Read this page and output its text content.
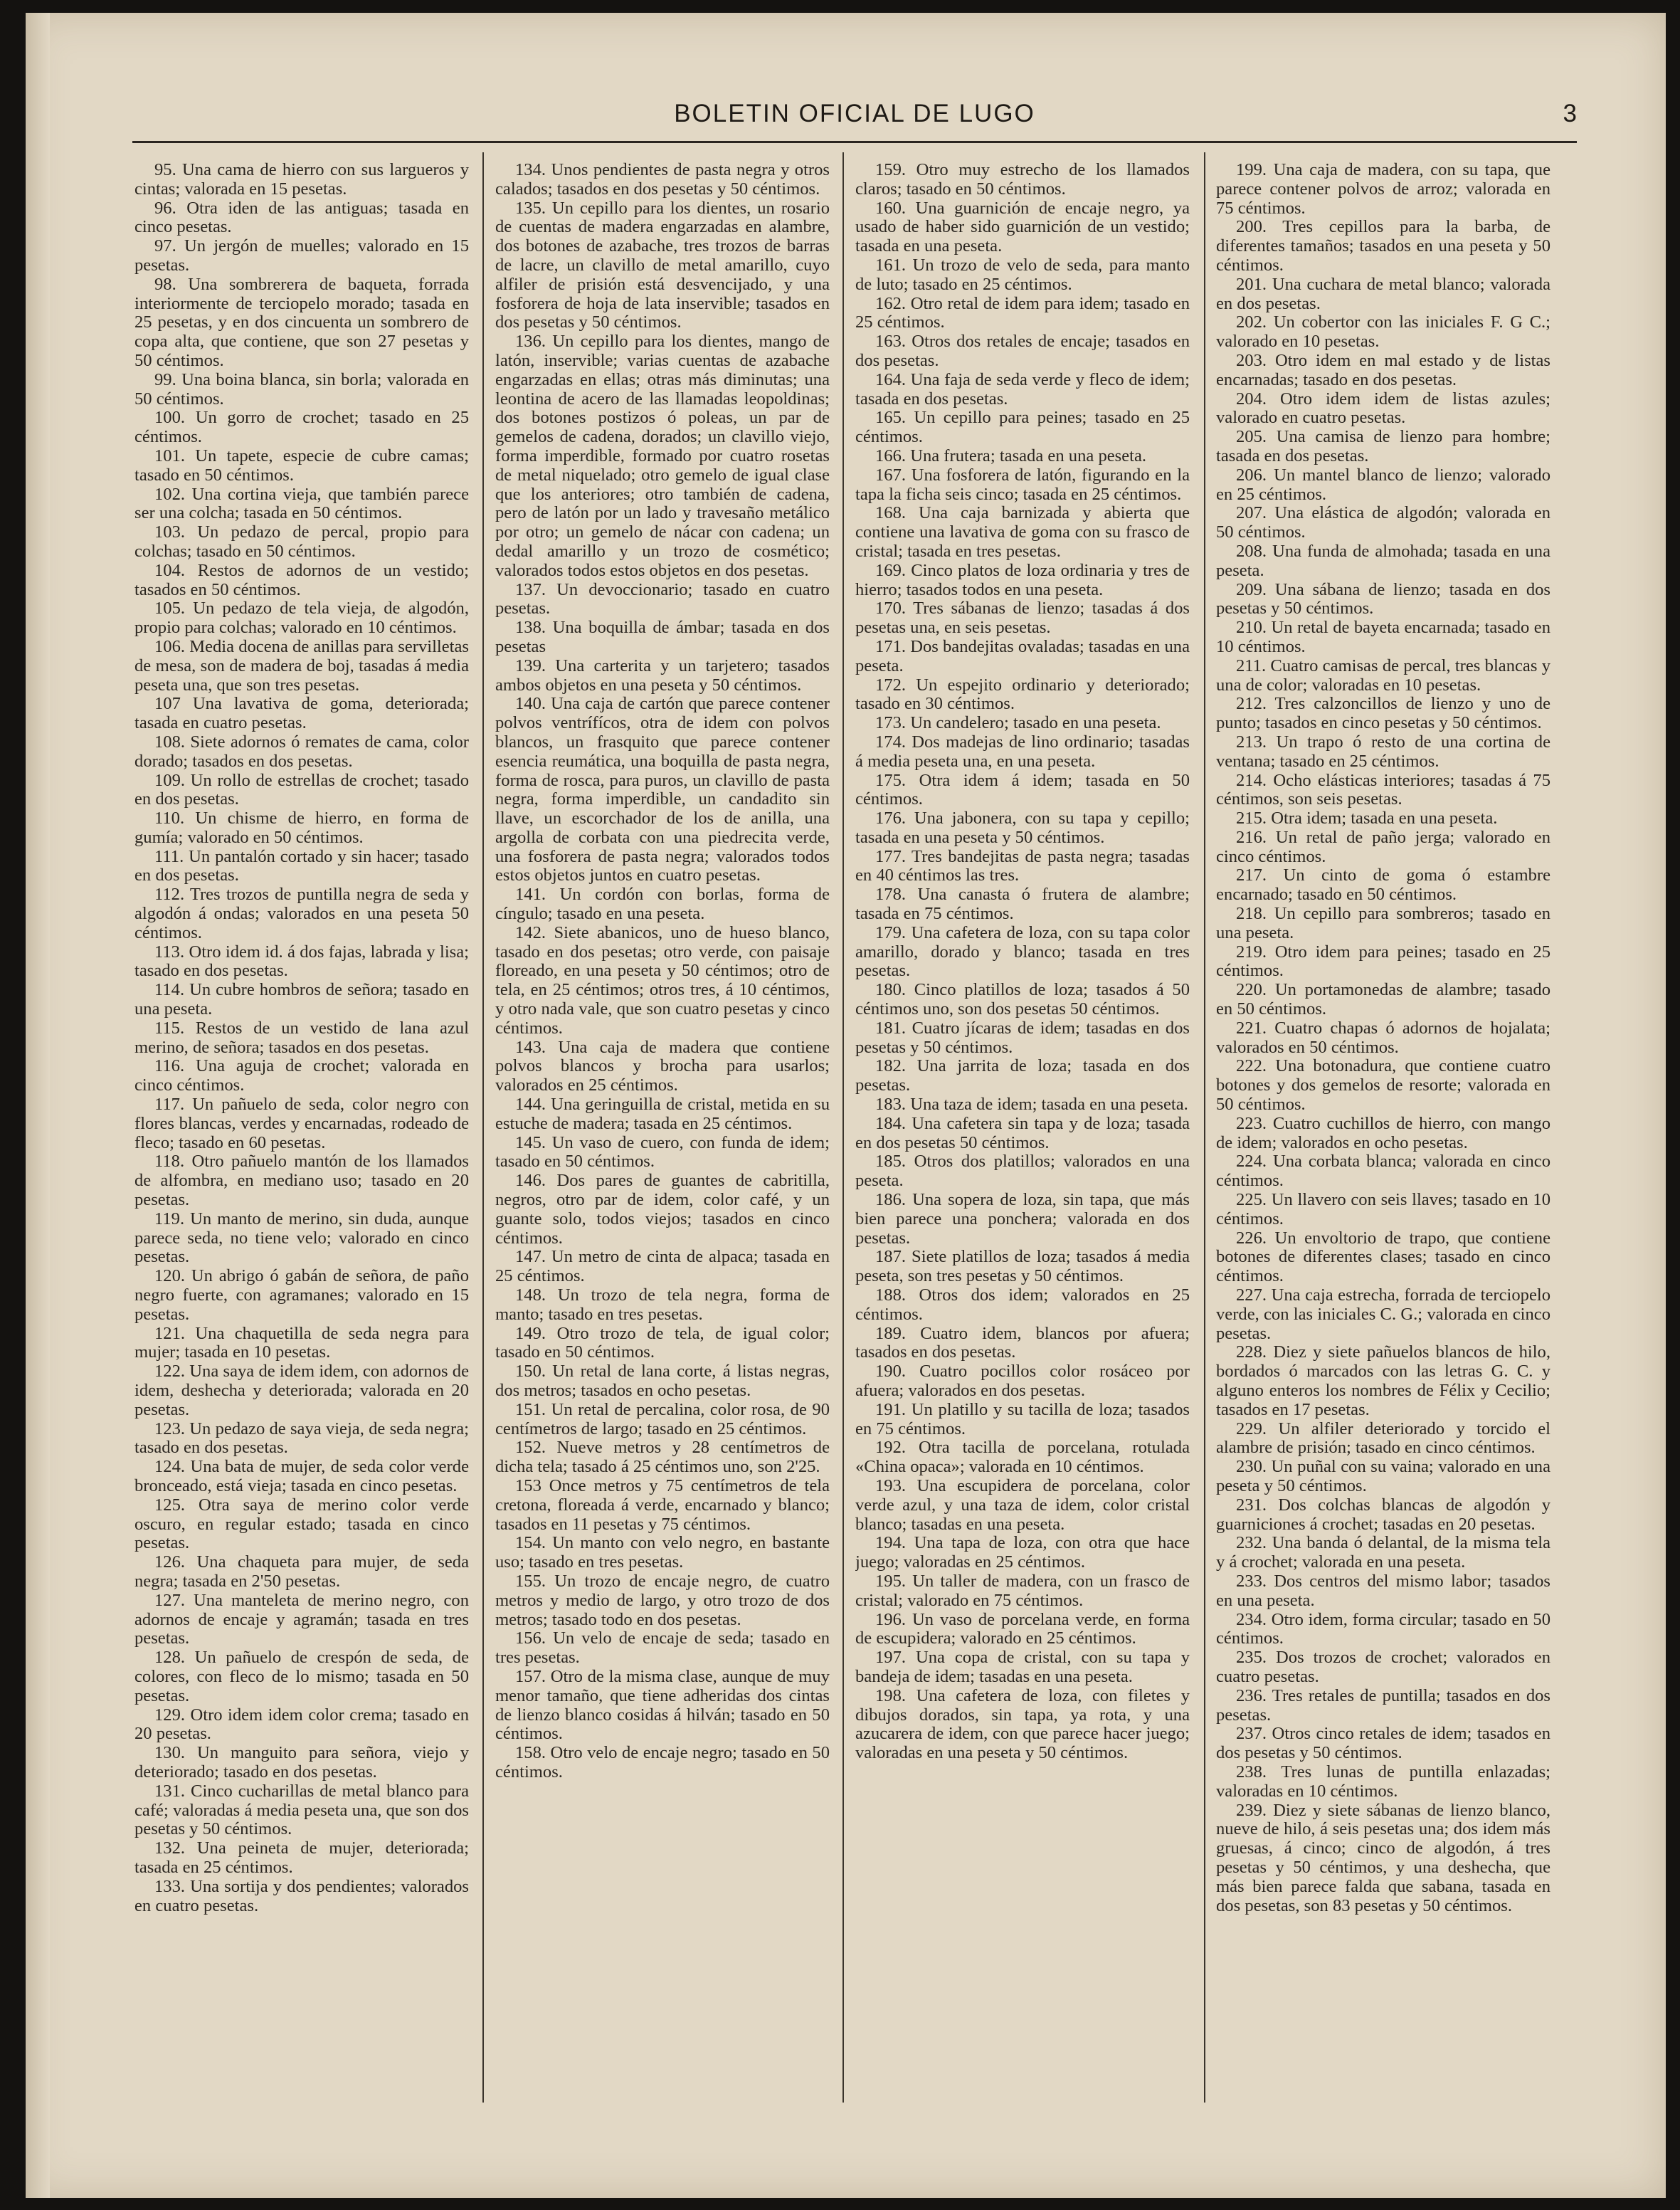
BOLETIN OFICIAL DE LUGO	3

95. Una cama de hierro con sus largueros y cintas; valorada en 15 pesetas.

96. Otra iden de las antiguas; tasada en cinco pesetas.

97. Un jergón de muelles; valorado en 15 pesetas.

98. Una sombrerera de baqueta, forrada interiormente de terciopelo morado; tasada en 25 pesetas, y en dos cincuenta un sombrero de copa alta, que contiene, que son 27 pesetas y 50 céntimos.

99. Una boina blanca, sin borla; valorada en 50 céntimos.

100. Un gorro de crochet; tasado en 25 céntimos.

101. Un tapete, especie de cubre camas; tasado en 50 céntimos.

102. Una cortina vieja, que también parece ser una colcha; tasada en 50 céntimos.

103. Un pedazo de percal, propio para colchas; tasado en 50 céntimos.

104. Restos de adornos de un vestido; tasados en 50 céntimos.

105. Un pedazo de tela vieja, de algodón, propio para colchas; valorado en 10 céntimos.

106. Media docena de anillas para servilletas de mesa, son de madera de boj, tasadas á media peseta una, que son tres pesetas.

107 Una lavativa de goma, deteriorada; tasada en cuatro pesetas.

108. Siete adornos ó remates de cama, color dorado; tasados en dos pesetas.

109. Un rollo de estrellas de crochet; tasado en dos pesetas.

110. Un chisme de hierro, en forma de gumía; valorado en 50 céntimos.

111. Un pantalón cortado y sin hacer; tasado en dos pesetas.

112. Tres trozos de puntilla negra de seda y algodón á ondas; valorados en una peseta 50 céntimos.

113. Otro idem id. á dos fajas, labrada y lisa; tasado en dos pesetas.

114. Un cubre hombros de señora; tasado en una peseta.

115. Restos de un vestido de lana azul merino, de señora; tasados en dos pesetas.

116. Una aguja de crochet; valorada en cinco céntimos.

117. Un pañuelo de seda, color negro con flores blancas, verdes y encarnadas, rodeado de fleco; tasado en 60 pesetas.

118. Otro pañuelo mantón de los llamados de alfombra, en mediano uso; tasado en 20 pesetas.

119. Un manto de merino, sin duda, aunque parece seda, no tiene velo; valorado en cinco pesetas.

120. Un abrigo ó gabán de señora, de paño negro fuerte, con agramanes; valorado en 15 pesetas.

121. Una chaquetilla de seda negra para mujer; tasada en 10 pesetas.

122. Una saya de idem idem, con adornos de idem, deshecha y deteriorada; valorada en 20 pesetas.

123. Un pedazo de saya vieja, de seda negra; tasado en dos pesetas.

124. Una bata de mujer, de seda color verde bronceado, está vieja; tasada en cinco pesetas.

125. Otra saya de merino color verde oscuro, en regular estado; tasada en cinco pesetas.

126. Una chaqueta para mujer, de seda negra; tasada en 2'50 pesetas.

127. Una manteleta de merino negro, con adornos de encaje y agramán; tasada en tres pesetas.

128. Un pañuelo de crespón de seda, de colores, con fleco de lo mismo; tasada en 50 pesetas.

129. Otro idem idem color crema; tasado en 20 pesetas.

130. Un manguito para señora, viejo y deteriorado; tasado en dos pesetas.

131. Cinco cucharillas de metal blanco para café; valoradas á media peseta una, que son dos pesetas y 50 céntimos.

132. Una peineta de mujer, deteriorada; tasada en 25 céntimos.

133. Una sortija y dos pendientes; valorados en cuatro pesetas.

134. Unos pendientes de pasta negra y otros calados; tasados en dos pesetas y 50 céntimos.

135. Un cepillo para los dientes, un rosario de cuentas de madera engarzadas en alambre, dos botones de azabache, tres trozos de barras de lacre, un clavillo de metal amarillo, cuyo alfiler de prisión está desvencijado, y una fosforera de hoja de lata inservible; tasados en dos pesetas y 50 céntimos.

136. Un cepillo para los dientes, mango de latón, inservible; varias cuentas de azabache engarzadas en ellas; otras más diminutas; una leontina de acero de las llamadas leopoldinas; dos botones postizos ó poleas, un par de gemelos de cadena, dorados; un clavillo viejo, forma imperdible, formado por cuatro rosetas de metal niquelado; otro gemelo de igual clase que los anteriores; otro también de cadena, pero de latón por un lado y travesaño metálico por otro; un gemelo de nácar con cadena; un dedal amarillo y un trozo de cosmético; valorados todos estos objetos en dos pesetas.

137. Un devoccionario; tasado en cuatro pesetas.

138. Una boquilla de ámbar; tasada en dos pesetas

139. Una carterita y un tarjetero; tasados ambos objetos en una peseta y 50 céntimos.

140. Una caja de cartón que parece contener polvos ventrífícos, otra de idem con polvos blancos, un frasquito que parece contener esencia reumática, una boquilla de pasta negra, forma de rosca, para puros, un clavillo de pasta negra, forma imperdible, un candadito sin llave, un escorchador de los de anilla, una argolla de corbata con una piedrecita verde, una fosforera de pasta negra; valorados todos estos objetos juntos en cuatro pesetas.

141. Un cordón con borlas, forma de cíngulo; tasado en una peseta.

142. Siete abanicos, uno de hueso blanco, tasado en dos pesetas; otro verde, con paisaje floreado, en una peseta y 50 céntimos; otro de tela, en 25 céntimos; otros tres, á 10 céntimos, y otro nada vale, que son cuatro pesetas y cinco céntimos.

143. Una caja de madera que contiene polvos blancos y brocha para usarlos; valorados en 25 céntimos.

144. Una geringuilla de cristal, metida en su estuche de madera; tasada en 25 céntimos.

145. Un vaso de cuero, con funda de idem; tasado en 50 céntimos.

146. Dos pares de guantes de cabritilla, negros, otro par de idem, color café, y un guante solo, todos viejos; tasados en cinco céntimos.

147. Un metro de cinta de alpaca; tasada en 25 céntimos.

148. Un trozo de tela negra, forma de manto; tasado en tres pesetas.

149. Otro trozo de tela, de igual color; tasado en 50 céntimos.

150. Un retal de lana corte, á listas negras, dos metros; tasados en ocho pesetas.

151. Un retal de percalina, color rosa, de 90 centímetros de largo; tasado en 25 céntimos.

152. Nueve metros y 28 centímetros de dicha tela; tasado á 25 céntimos uno, son 2'25.

153 Once metros y 75 centímetros de tela cretona, floreada á verde, encarnado y blanco; tasados en 11 pesetas y 75 céntimos.

154. Un manto con velo negro, en bastante uso; tasado en tres pesetas.

155. Un trozo de encaje negro, de cuatro metros y medio de largo, y otro trozo de dos metros; tasado todo en dos pesetas.

156. Un velo de encaje de seda; tasado en tres pesetas.

157. Otro de la misma clase, aunque de muy menor tamaño, que tiene adheridas dos cintas de lienzo blanco cosidas á hilván; tasado en 50 céntimos.

158. Otro velo de encaje negro; tasado en 50 céntimos.

159. Otro muy estrecho de los llamados claros; tasado en 50 céntimos.

160. Una guarnición de encaje negro, ya usado de haber sido guarnición de un vestido; tasada en una peseta.

161. Un trozo de velo de seda, para manto de luto; tasado en 25 céntimos.

162. Otro retal de idem para idem; tasado en 25 céntimos.

163. Otros dos retales de encaje; tasados en dos pesetas.

164. Una faja de seda verde y fleco de idem; tasada en dos pesetas.

165. Un cepillo para peines; tasado en 25 céntimos.

166. Una frutera; tasada en una peseta.

167. Una fosforera de latón, figurando en la tapa la ficha seis cinco; tasada en 25 céntimos.

168. Una caja barnizada y abierta que contiene una lavativa de goma con su frasco de cristal; tasada en tres pesetas.

169. Cinco platos de loza ordinaria y tres de hierro; tasados todos en una peseta.

170. Tres sábanas de lienzo; tasadas á dos pesetas una, en seis pesetas.

171. Dos bandejitas ovaladas; tasadas en una peseta.

172. Un espejito ordinario y deteriorado; tasado en 30 céntimos.

173. Un candelero; tasado en una peseta.

174. Dos madejas de lino ordinario; tasadas á media peseta una, en una peseta.

175. Otra idem á idem; tasada en 50 céntimos.

176. Una jabonera, con su tapa y cepillo; tasada en una peseta y 50 céntimos.

177. Tres bandejitas de pasta negra; tasadas en 40 céntimos las tres.

178. Una canasta ó frutera de alambre; tasada en 75 céntimos.

179. Una cafetera de loza, con su tapa color amarillo, dorado y blanco; tasada en tres pesetas.

180. Cinco platillos de loza; tasados á 50 céntimos uno, son dos pesetas 50 céntimos.

181. Cuatro jícaras de idem; tasadas en dos pesetas y 50 céntimos.

182. Una jarrita de loza; tasada en dos pesetas.

183. Una taza de idem; tasada en una peseta.

184. Una cafetera sin tapa y de loza; tasada en dos pesetas 50 céntimos.

185. Otros dos platillos; valorados en una peseta.

186. Una sopera de loza, sin tapa, que más bien parece una ponchera; valorada en dos pesetas.

187. Siete platillos de loza; tasados á media peseta, son tres pesetas y 50 céntimos.

188. Otros dos idem; valorados en 25 céntimos.

189. Cuatro idem, blancos por afuera; tasados en dos pesetas.

190. Cuatro pocillos color rosáceo por afuera; valorados en dos pesetas.

191. Un platillo y su tacilla de loza; tasados en 75 céntimos.

192. Otra tacilla de porcelana, rotulada «China opaca»; valorada en 10 céntimos.

193. Una escupidera de porcelana, color verde azul, y una taza de idem, color cristal blanco; tasadas en una peseta.

194. Una tapa de loza, con otra que hace juego; valoradas en 25 céntimos.

195. Un taller de madera, con un frasco de cristal; valorado en 75 céntimos.

196. Un vaso de porcelana verde, en forma de escupidera; valorado en 25 céntimos.

197. Una copa de cristal, con su tapa y bandeja de idem; tasadas en una peseta.

198. Una cafetera de loza, con filetes y dibujos dorados, sin tapa, ya rota, y una azucarera de idem, con que parece hacer juego; valoradas en una peseta y 50 céntimos.

199. Una caja de madera, con su tapa, que parece contener polvos de arroz; valorada en 75 céntimos.

200. Tres cepillos para la barba, de diferentes tamaños; tasados en una peseta y 50 céntimos.

201. Una cuchara de metal blanco; valorada en dos pesetas.

202. Un cobertor con las iniciales F. G C.; valorado en 10 pesetas.

203. Otro idem en mal estado y de listas encarnadas; tasado en dos pesetas.

204. Otro idem idem de listas azules; valorado en cuatro pesetas.

205. Una camisa de lienzo para hombre; tasada en dos pesetas.

206. Un mantel blanco de lienzo; valorado en 25 céntimos.

207. Una elástica de algodón; valorada en 50 céntimos.

208. Una funda de almohada; tasada en una peseta.

209. Una sábana de lienzo; tasada en dos pesetas y 50 céntimos.

210. Un retal de bayeta encarnada; tasado en 10 céntimos.

211. Cuatro camisas de percal, tres blancas y una de color; valoradas en 10 pesetas.

212. Tres calzoncillos de lienzo y uno de punto; tasados en cinco pesetas y 50 céntimos.

213. Un trapo ó resto de una cortina de ventana; tasado en 25 céntimos.

214. Ocho elásticas interiores; tasadas á 75 céntimos, son seis pesetas.

215. Otra idem; tasada en una peseta.

216. Un retal de paño jerga; valorado en cinco céntimos.

217. Un cinto de goma ó estambre encarnado; tasado en 50 céntimos.

218. Un cepillo para sombreros; tasado en una peseta.

219. Otro idem para peines; tasado en 25 céntimos.

220. Un portamonedas de alambre; tasado en 50 céntimos.

221. Cuatro chapas ó adornos de hojalata; valorados en 50 céntimos.

222. Una botonadura, que contiene cuatro botones y dos gemelos de resorte; valorada en 50 céntimos.

223. Cuatro cuchillos de hierro, con mango de idem; valorados en ocho pesetas.

224. Una corbata blanca; valorada en cinco céntimos.

225. Un llavero con seis llaves; tasado en 10 céntimos.

226. Un envoltorio de trapo, que contiene botones de diferentes clases; tasado en cinco céntimos.

227. Una caja estrecha, forrada de terciopelo verde, con las iniciales C. G.; valorada en cinco pesetas.

228. Diez y siete pañuelos blancos de hilo, bordados ó marcados con las letras G. C. y alguno enteros los nombres de Félix y Cecilio; tasados en 17 pesetas.

229. Un alfiler deteriorado y torcido el alambre de prisión; tasado en cinco céntimos.

230. Un puñal con su vaina; valorado en una peseta y 50 céntimos.

231. Dos colchas blancas de algodón y guarniciones á crochet; tasadas en 20 pesetas.

232. Una banda ó delantal, de la misma tela y á crochet; valorada en una peseta.

233. Dos centros del mismo labor; tasados en una peseta.

234. Otro idem, forma circular; tasado en 50 céntimos.

235. Dos trozos de crochet; valorados en cuatro pesetas.

236. Tres retales de puntilla; tasados en dos pesetas.

237. Otros cinco retales de idem; tasados en dos pesetas y 50 céntimos.

238. Tres lunas de puntilla enlazadas; valoradas en 10 céntimos.

239. Diez y siete sábanas de lienzo blanco, nueve de hilo, á seis pesetas una; dos idem más gruesas, á cinco; cinco de algodón, á tres pesetas y 50 céntimos, y una deshecha, que más bien parece falda que sabana, tasada en dos pesetas, son 83 pesetas y 50 céntimos.
